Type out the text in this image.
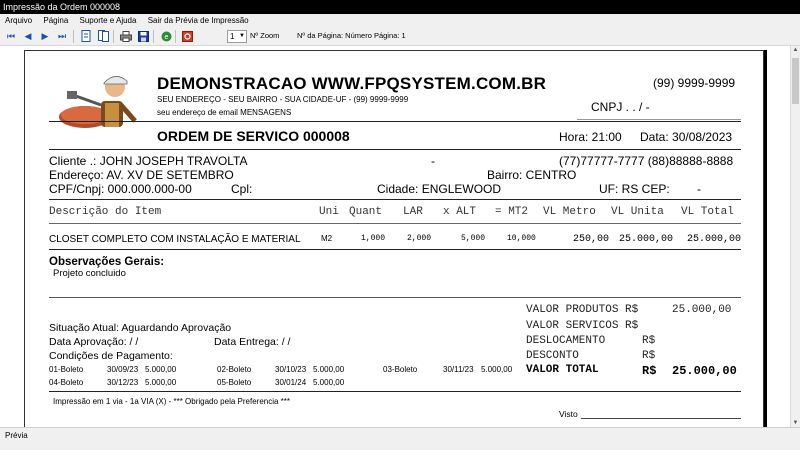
Impressão da Ordem 000008
Arquivo Página Suporte e Ajuda Sair da Prévia de Impressão
⏮ ◀ ▶ ⏭	e	1 ▼ Nº Zoom Nº da Página: Número Página: 1
DEMONSTRACAO WWW.FPQSYSTEM.COM.BR	(99) 9999-9999
SEU ENDEREÇO - SEU BAIRRO - SUA CIDADE-UF - (99) 9999-9999
CNPJ . . / -
seu endereço de email MENSAGENS
ORDEM DE SERVICO 000008	Hora: 21:00 Data: 30/08/2023
Cliente .: JOHN JOSEPH TRAVOLTA	-	(77)77777-7777 (88)88888-8888
Endereço: AV. XV DE SETEMBRO	Bairro: CENTRO
CPF/Cnpj: 000.000.000-00	Cpl:	Cidade: ENGLEWOOD	UF: RS CEP: -
Descrição do Item	Uni Quant LAR x ALT = MT2 VL Metro VL Unita VL Total
CLOSET COMPLETO COM INSTALAÇÃO E MATERIAL	M2	1,000	2,000	5,000	10,000	250,00 25.000,00 25.000,00
Observações Gerais:
Projeto concluido
VALOR PRODUTOS R$	25.000,00
VALOR SERVICOS R$
DESLOCAMENTO	R$
DESCONTO	R$
VALOR TOTAL	R$ 25.000,00
Situação Atual: Aguardando Aprovação
Data Aprovação: / /	Data Entrega: / /
Condições de Pagamento:
01-Boleto	30/09/23 5.000,00	02-Boleto	30/10/23 5.000,00	03-Boleto	30/11/23 5.000,00
04-Boleto	30/12/23 5.000,00	05-Boleto	30/01/24 5.000,00
Impressão em 1 via - 1a VIA (X) - *** Obrigado pela Preferencia ***
Visto
▲
▼
Prévia
